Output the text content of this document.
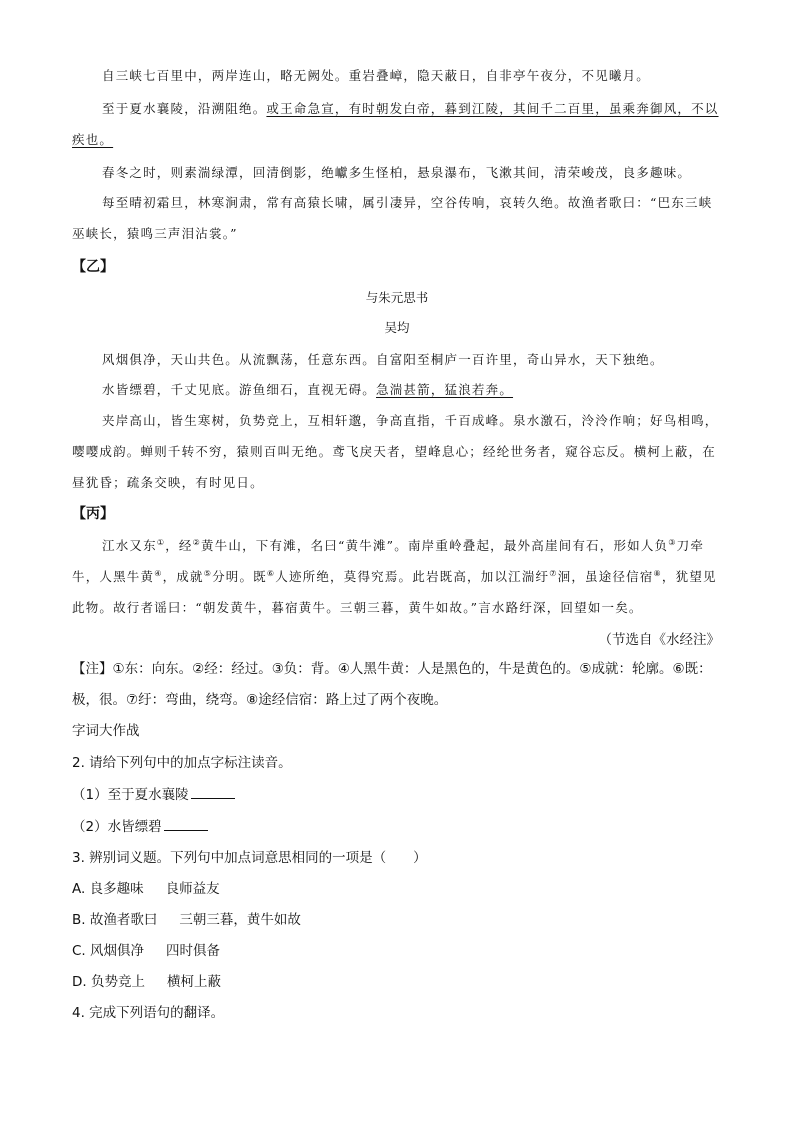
自三峡七百里中，两岸连山，略无阙处。重岩叠嶂，隐天蔽日，自非亭午夜分，不见曦月。

至于夏水襄陵，沿溯阻绝。或王命急宣，有时朝发白帝，暮到江陵，其间千二百里，虽乘奔御风，不以疾也。

春冬之时，则素湍绿潭，回清倒影，绝巘多生怪柏，悬泉瀑布，飞漱其间，清荣峻茂，良多趣味。

每至晴初霜旦，林寒涧肃，常有高猿长啸，属引凄异，空谷传响，哀转久绝。故渔者歌曰：“巴东三峡巫峡长，猿鸣三声泪沾裳。”

【乙】

与朱元思书

吴均

风烟俱净，天山共色。从流飘荡，任意东西。自富阳至桐庐一百许里，奇山异水，天下独绝。

水皆缥碧，千丈见底。游鱼细石，直视无碍。急湍甚箭，猛浪若奔。

夹岸高山，皆生寒树，负势竞上，互相轩邈，争高直指，千百成峰。泉水激石，泠泠作响；好鸟相鸣，嘤嘤成韵。蝉则千转不穷，猿则百叫无绝。鸢飞戾天者，望峰息心；经纶世务者，窥谷忘反。横柯上蔽，在昼犹昏；疏条交映，有时见日。

【丙】

江水又东①，经②黄牛山，下有滩，名曰“黄牛滩”。南岸重岭叠起，最外高崖间有石，形如人负③刀牵牛，人黑牛黄④，成就⑤分明。既⑥人迹所绝，莫得究焉。此岩既高，加以江湍纡⑦洄，虽途径信宿⑧，犹望见此物。故行者谣曰：“朝发黄牛，暮宿黄牛。三朝三暮，黄牛如故。”言水路纡深，回望如一矣。

（节选自《水经注》

【注】①东：向东。②经：经过。③负：背。④人黑牛黄：人是黑色的，牛是黄色的。⑤成就：轮廓。⑥既：极，很。⑦纡：弯曲，绕弯。⑧途经信宿：路上过了两个夜晚。

字词大作战

2. 请给下列句中的加点字标注读音。

（1）至于夏水襄陵

（2）水皆缥碧

3. 辨别词义题。下列句中加点词意思相同的一项是（　　）

A. 良多趣味 良师益友

B. 故渔者歌曰 三朝三暮，黄牛如故

C. 风烟俱净 四时俱备

D. 负势竞上 横柯上蔽

4. 完成下列语句的翻译。
